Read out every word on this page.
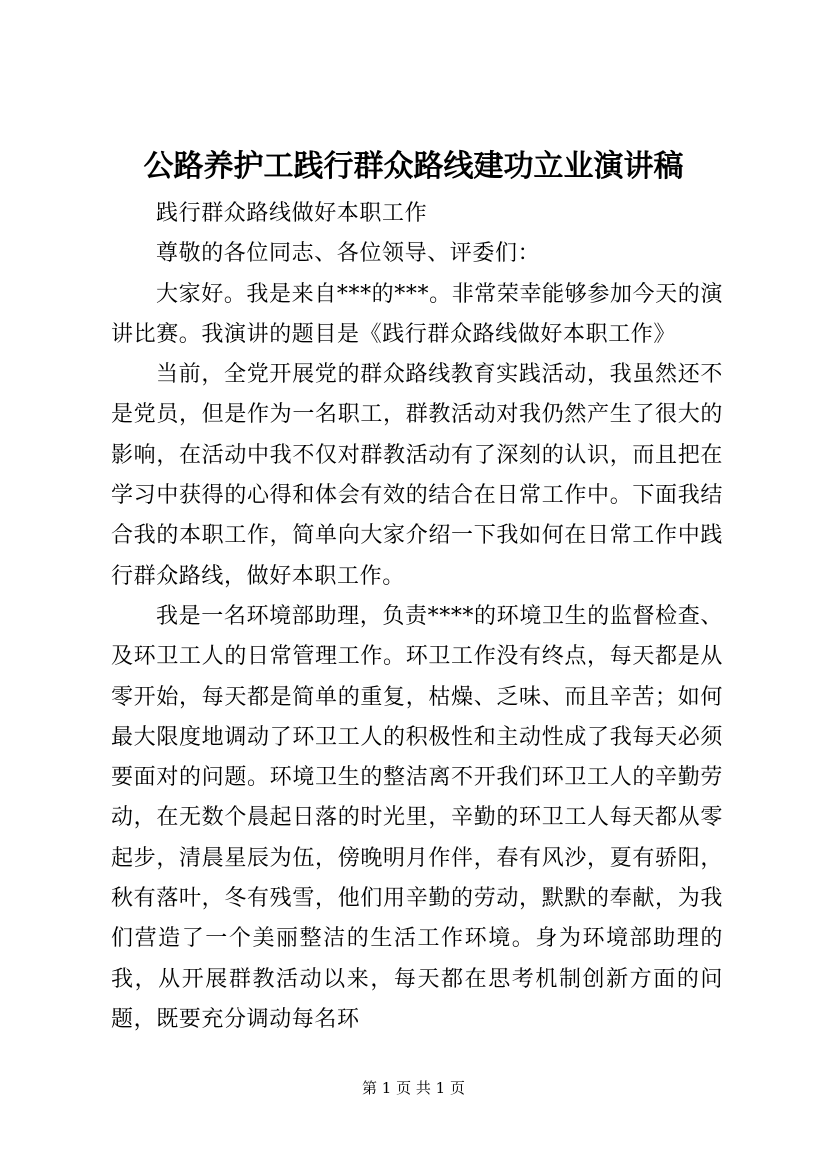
公路养护工践行群众路线建功立业演讲稿

践行群众路线做好本职工作

尊敬的各位同志、各位领导、评委们：

大家好。我是来自***的***。非常荣幸能够参加今天的演讲比赛。我演讲的题目是《践行群众路线做好本职工作》

当前，全党开展党的群众路线教育实践活动，我虽然还不是党员，但是作为一名职工，群教活动对我仍然产生了很大的影响，在活动中我不仅对群教活动有了深刻的认识，而且把在学习中获得的心得和体会有效的结合在日常工作中。下面我结合我的本职工作，简单向大家介绍一下我如何在日常工作中践行群众路线，做好本职工作。

我是一名环境部助理，负责****的环境卫生的监督检查、及环卫工人的日常管理工作。环卫工作没有终点，每天都是从零开始，每天都是简单的重复，枯燥、乏味、而且辛苦；如何最大限度地调动了环卫工人的积极性和主动性成了我每天必须要面对的问题。环境卫生的整洁离不开我们环卫工人的辛勤劳动，在无数个晨起日落的时光里，辛勤的环卫工人每天都从零起步，清晨星辰为伍，傍晚明月作伴，春有风沙，夏有骄阳，秋有落叶，冬有残雪，他们用辛勤的劳动，默默的奉献，为我们营造了一个美丽整洁的生活工作环境。身为环境部助理的我，从开展群教活动以来，每天都在思考机制创新方面的问题，既要充分调动每名环

第 1 页 共 1 页
